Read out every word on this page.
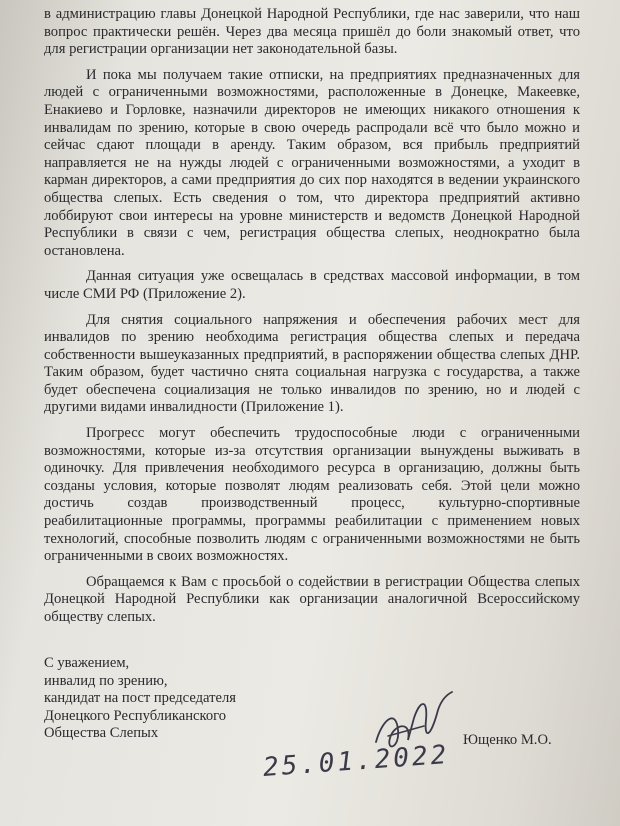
в администрацию главы Донецкой Народной Республики, где нас заверили, что наш вопрос практически решён. Через два месяца пришёл до боли знакомый ответ, что для регистрации организации нет законодательной базы.

И пока мы получаем такие отписки, на предприятиях предназначенных для людей с ограниченными возможностями, расположенные в Донецке, Макеевке, Енакиево и Горловке, назначили директоров не имеющих никакого отношения к инвалидам по зрению, которые в свою очередь распродали всё что было можно и сейчас сдают площади в аренду. Таким образом, вся прибыль предприятий направляется не на нужды людей с ограниченными возможностями, а уходит в карман директоров, а сами предприятия до сих пор находятся в ведении украинского общества слепых. Есть сведения о том, что директора предприятий активно лоббируют свои интересы на уровне министерств и ведомств Донецкой Народной Республики в связи с чем, регистрация общества слепых, неоднократно была остановлена.

Данная ситуация уже освещалась в средствах массовой информации, в том числе СМИ РФ (Приложение 2).

Для снятия социального напряжения и обеспечения рабочих мест для инвалидов по зрению необходима регистрация общества слепых и передача собственности вышеуказанных предприятий, в распоряжении общества слепых ДНР. Таким образом, будет частично снята социальная нагрузка с государства, а также будет обеспечена социализация не только инвалидов по зрению, но и людей с другими видами инвалидности (Приложение 1).

Прогресс могут обеспечить трудоспособные люди с ограниченными возможностями, которые из-за отсутствия организации вынуждены выживать в одиночку. Для привлечения необходимого ресурса в организацию, должны быть созданы условия, которые позволят людям реализовать себя. Этой цели можно достичь создав производственный процесс, культурно-спортивные реабилитационные программы, программы реабилитации с применением новых технологий, способные позволить людям с ограниченными возможностями не быть ограниченными в своих возможностях.

Обращаемся к Вам с просьбой о содействии в регистрации Общества слепых Донецкой Народной Республики как организации аналогичной Всероссийскому обществу слепых.

С уважением,
инвалид по зрению,
кандидат на пост председателя
Донецкого Республиканского
Общества Слепых	Ющенко М.О.
25.01.2022
